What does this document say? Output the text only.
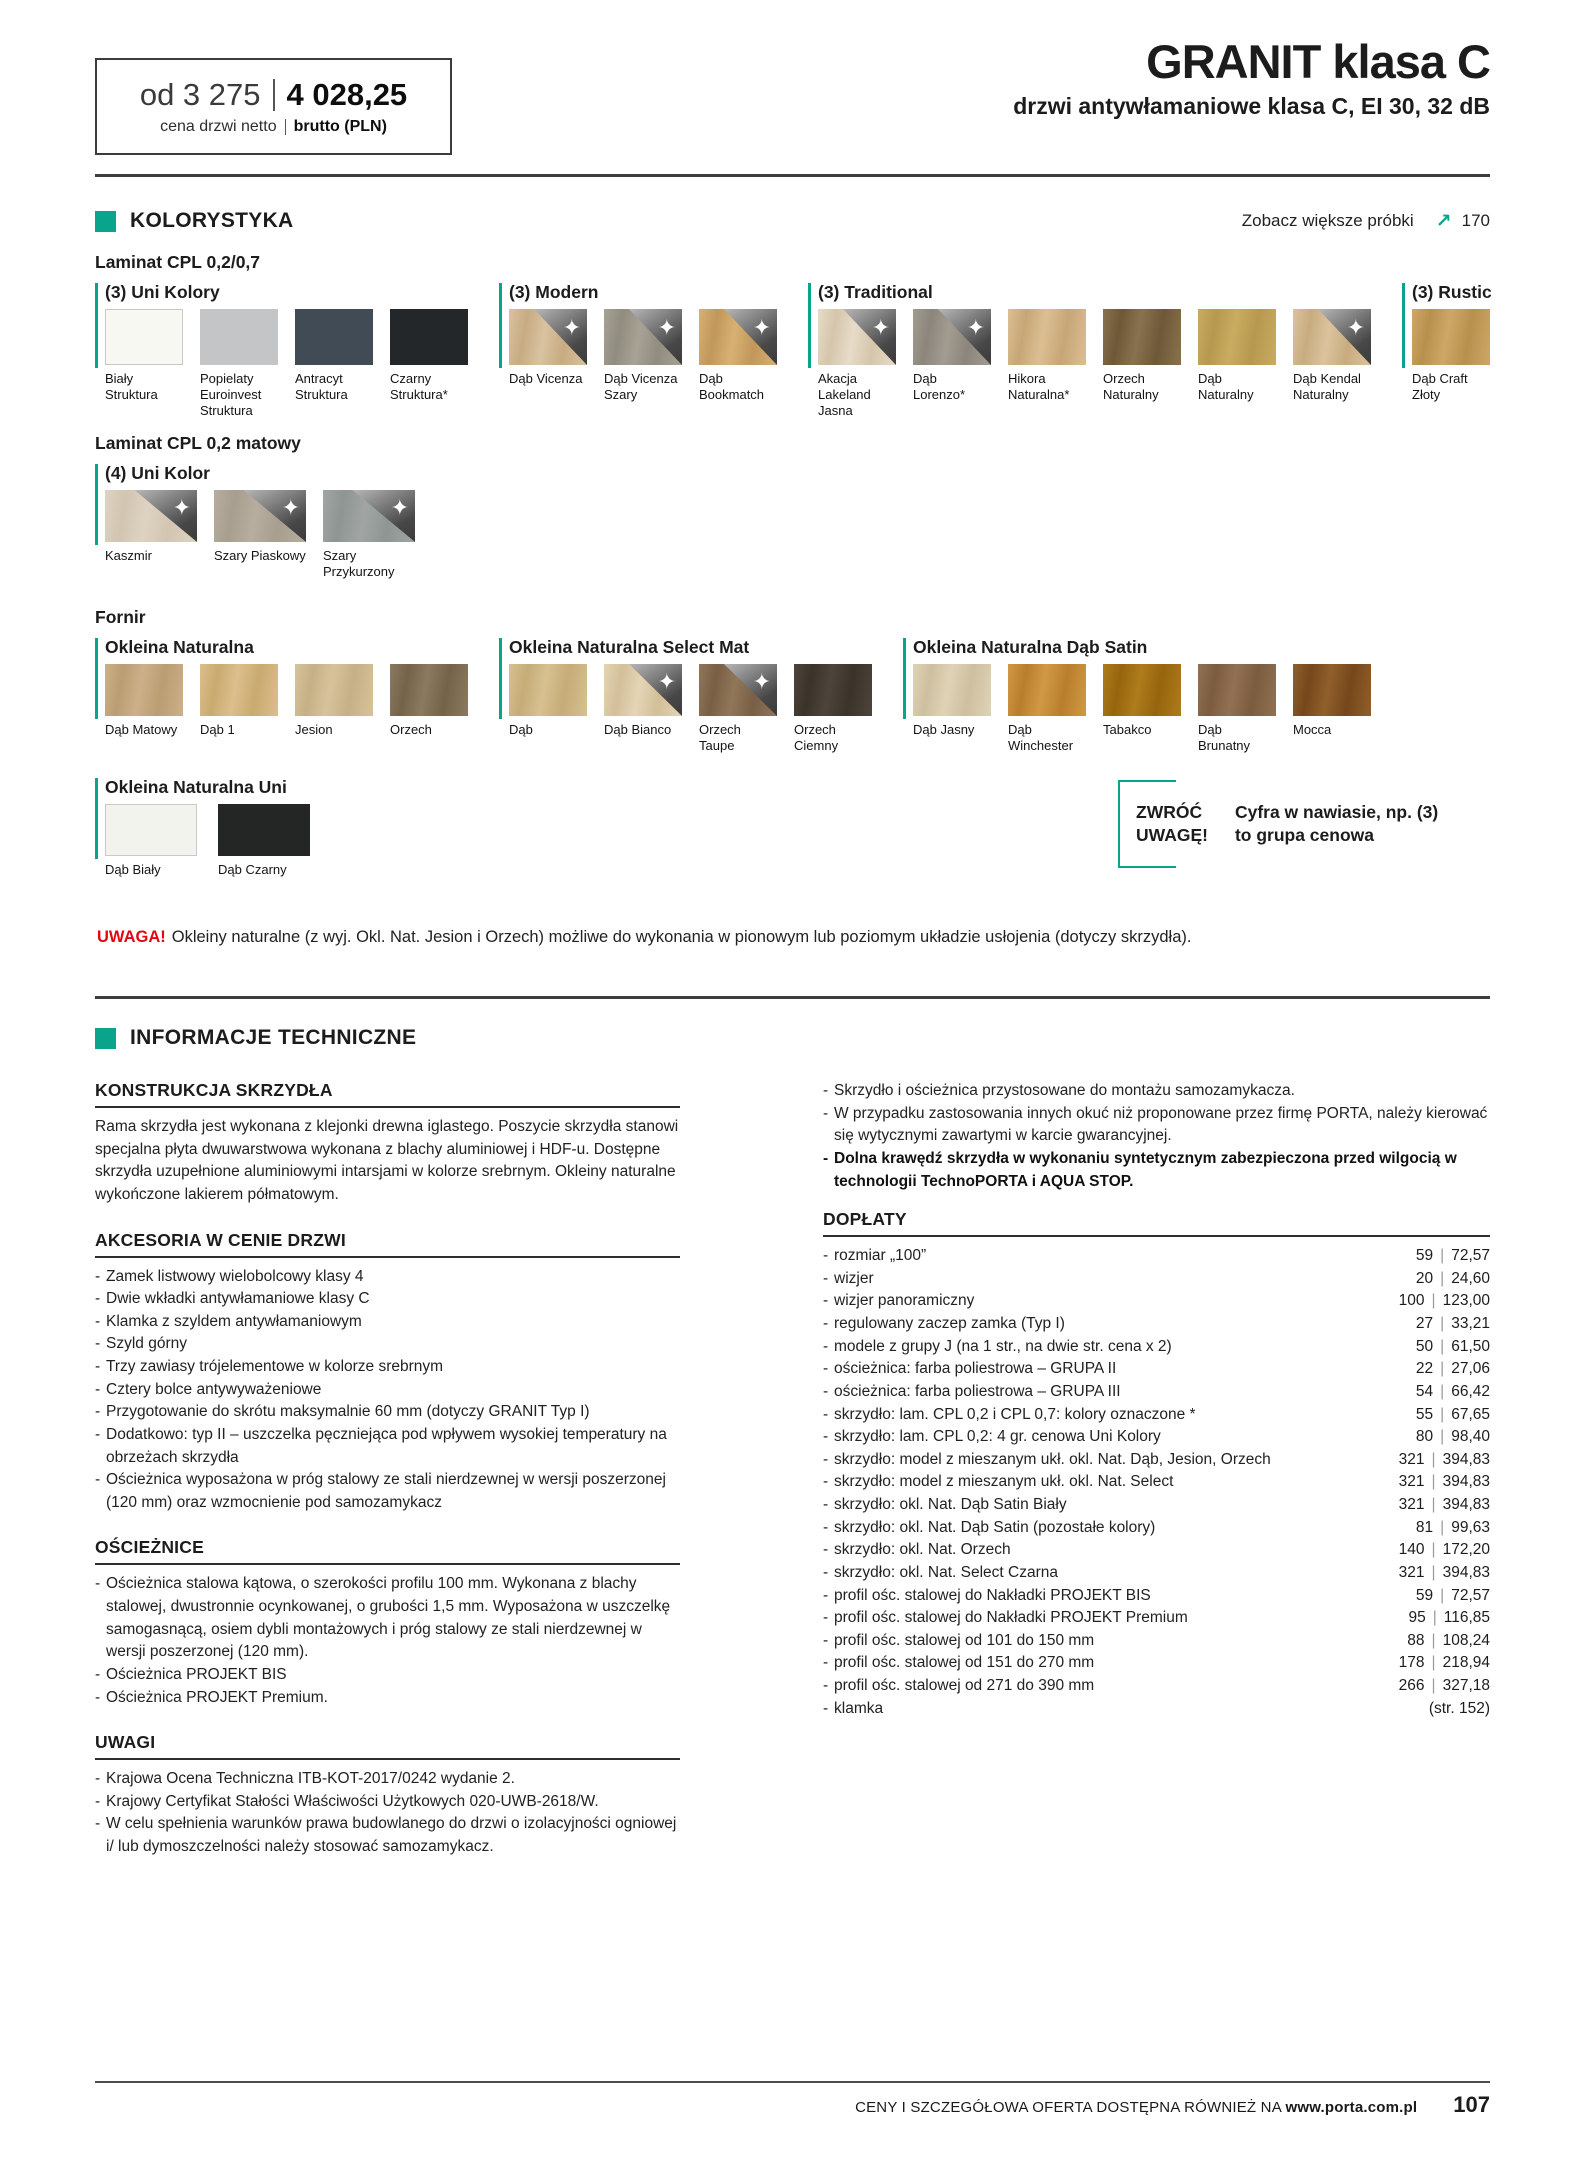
od 3 275 4 028,25
cena drzwi netto brutto (PLN)
GRANIT klasa C
drzwi antywłamaniowe klasa C, EI 30, 32 dB
KOLORYSTYKA	Zobacz większe próbki ↗ 170
Laminat CPL 0,2/0,7
(3) Uni Kolory
Biały Struktura
Popielaty Euroinvest Struktura
Antracyt Struktura
Czarny Struktura*
(3) Modern
✦
Dąb Vicenza
✦	Dąb Vicenza Szary
✦
Dąb Bookmatch
(3) Traditional
✦
Akacja Lakeland Jasna
✦
Dąb Lorenzo*
Hikora Naturalna*
Orzech Naturalny
Dąb Naturalny
✦
Dąb Kendal Naturalny
(3) Rustic
Dąb Craft Złoty
Laminat CPL 0,2 matowy
(4) Uni Kolor
✦
Kaszmir
✦	Szary Piaskowy
✦ Szary Przykurzony
Fornir
Okleina Naturalna
Dąb Matowy	Dąb 1	Jesion	Orzech
Okleina Naturalna Select Mat
Dąb
✦	Dąb Bianco
✦	Orzech Taupe
Orzech Ciemny
Okleina Naturalna Dąb Satin
Dąb Jasny	Dąb Winchester
Tabakco	Dąb Brunatny
Mocca
Okleina Naturalna Uni
Dąb Biały	Dąb Czarny
ZWRÓĆ
UWAGĘ!
Cyfra w nawiasie, np. (3)
to grupa cenowa
UWAGA! Okleiny naturalne (z wyj. Okl. Nat. Jesion i Orzech) możliwe do wykonania w pionowym lub poziomym układzie usłojenia (dotyczy skrzydła).
INFORMACJE TECHNICZNE
KONSTRUKCJA SKRZYDŁA

Rama skrzydła jest wykonana z klejonki drewna iglastego. Poszycie skrzydła stanowi specjalna płyta dwuwarstwowa wykonana z blachy aluminiowej i HDF-u. Dostępne skrzydła uzupełnione aluminiowymi intarsjami w kolorze srebrnym. Okleiny naturalne wykończone lakierem półmatowym.

AKCESORIA W CENIE DRZWI
- Zamek listwowy wielobolcowy klasy 4
- Dwie wkładki antywłamaniowe klasy C
- Klamka z szyldem antywłamaniowym
- Szyld górny
- Trzy zawiasy trójelementowe w kolorze srebrnym
- Cztery bolce antywyważeniowe
- Przygotowanie do skrótu maksymalnie 60 mm (dotyczy GRANIT Typ I)
- Dodatkowo: typ II – uszczelka pęczniejąca pod wpływem wysokiej temperatury na obrzeżach skrzydła
- Ościeżnica wyposażona w próg stalowy ze stali nierdzewnej w wersji poszerzonej (120 mm) oraz wzmocnienie pod samozamykacz
OŚCIEŻNICE
- Ościeżnica stalowa kątowa, o szerokości profilu 100 mm. Wykonana z blachy stalowej, dwustronnie ocynkowanej, o grubości 1,5 mm. Wyposażona w uszczelkę samogasnącą, osiem dybli montażowych i próg stalowy ze stali nierdzewnej w wersji poszerzonej (120 mm).
- Ościeżnica PROJEKT BIS
- Ościeżnica PROJEKT Premium.
UWAGI
- Krajowa Ocena Techniczna ITB-KOT-2017/0242 wydanie 2.
- Krajowy Certyfikat Stałości Właściwości Użytkowych 020-UWB-2618/W.
- W celu spełnienia warunków prawa budowlanego do drzwi o izolacyjności ogniowej i/ lub dymoszczelności należy stosować samozamykacz.
- Skrzydło i ościeżnica przystosowane do montażu samozamykacza.
- W przypadku zastosowania innych okuć niż proponowane przez firmę PORTA, należy kierować się wytycznymi zawartymi w karcie gwarancyjnej.
- Dolna krawędź skrzydła w wykonaniu syntetycznym zabezpieczona przed wilgocią w technologii TechnoPORTA i AQUA STOP.
DOPŁATY
- rozmiar „100”	59 | 72,57
- wizjer	20 | 24,60
- wizjer panoramiczny	100 | 123,00
- regulowany zaczep zamka (Typ I)	27 | 33,21
- modele z grupy J (na 1 str., na dwie str. cena x 2)	50 | 61,50
- ościeżnica: farba poliestrowa – GRUPA II	22 | 27,06
- ościeżnica: farba poliestrowa – GRUPA III	54 | 66,42
- skrzydło: lam. CPL 0,2 i CPL 0,7: kolory oznaczone *	55 | 67,65
- skrzydło: lam. CPL 0,2: 4 gr. cenowa Uni Kolory	80 | 98,40
- skrzydło: model z mieszanym ukł. okl. Nat. Dąb, Jesion, Orzech	321 | 394,83
- skrzydło: model z mieszanym ukł. okl. Nat. Select	321 | 394,83
- skrzydło: okl. Nat. Dąb Satin Biały	321 | 394,83
- skrzydło: okl. Nat. Dąb Satin (pozostałe kolory)	81 | 99,63
- skrzydło: okl. Nat. Orzech	140 | 172,20
- skrzydło: okl. Nat. Select Czarna	321 | 394,83
- profil ośc. stalowej do Nakładki PROJEKT BIS	59 | 72,57
- profil ośc. stalowej do Nakładki PROJEKT Premium	95 | 116,85
- profil ośc. stalowej od 101 do 150 mm	88 | 108,24
- profil ośc. stalowej od 151 do 270 mm	178 | 218,94
- profil ośc. stalowej od 271 do 390 mm	266 | 327,18
- klamka	(str. 152)
CENY I SZCZEGÓŁOWA OFERTA DOSTĘPNA RÓWNIEŻ NA www.porta.com.pl 107
